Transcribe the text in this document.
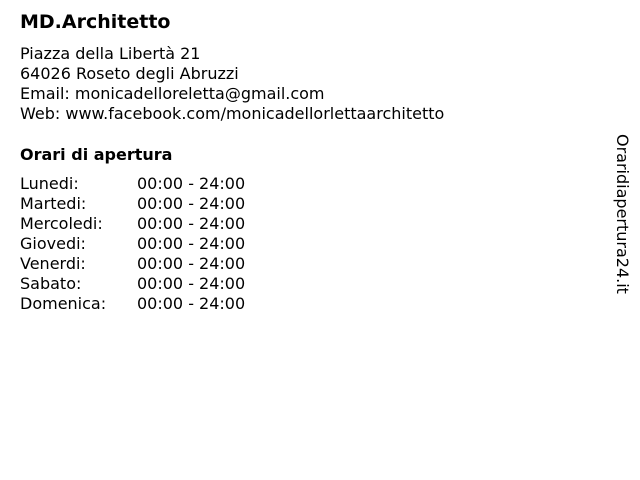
MD.Architetto
Piazza della Libertà 21
64026 Roseto degli Abruzzi
Email: monicadelloreletta@gmail.com
Web: www.facebook.com/monicadellorlettaarchitetto
Orari di apertura
Lunedi:	00:00 - 24:00
Martedi:	00:00 - 24:00
Mercoledi:	00:00 - 24:00
Giovedi:	00:00 - 24:00
Venerdi:	00:00 - 24:00
Sabato:	00:00 - 24:00
Domenica:	00:00 - 24:00
Oraridiapertura24.it
